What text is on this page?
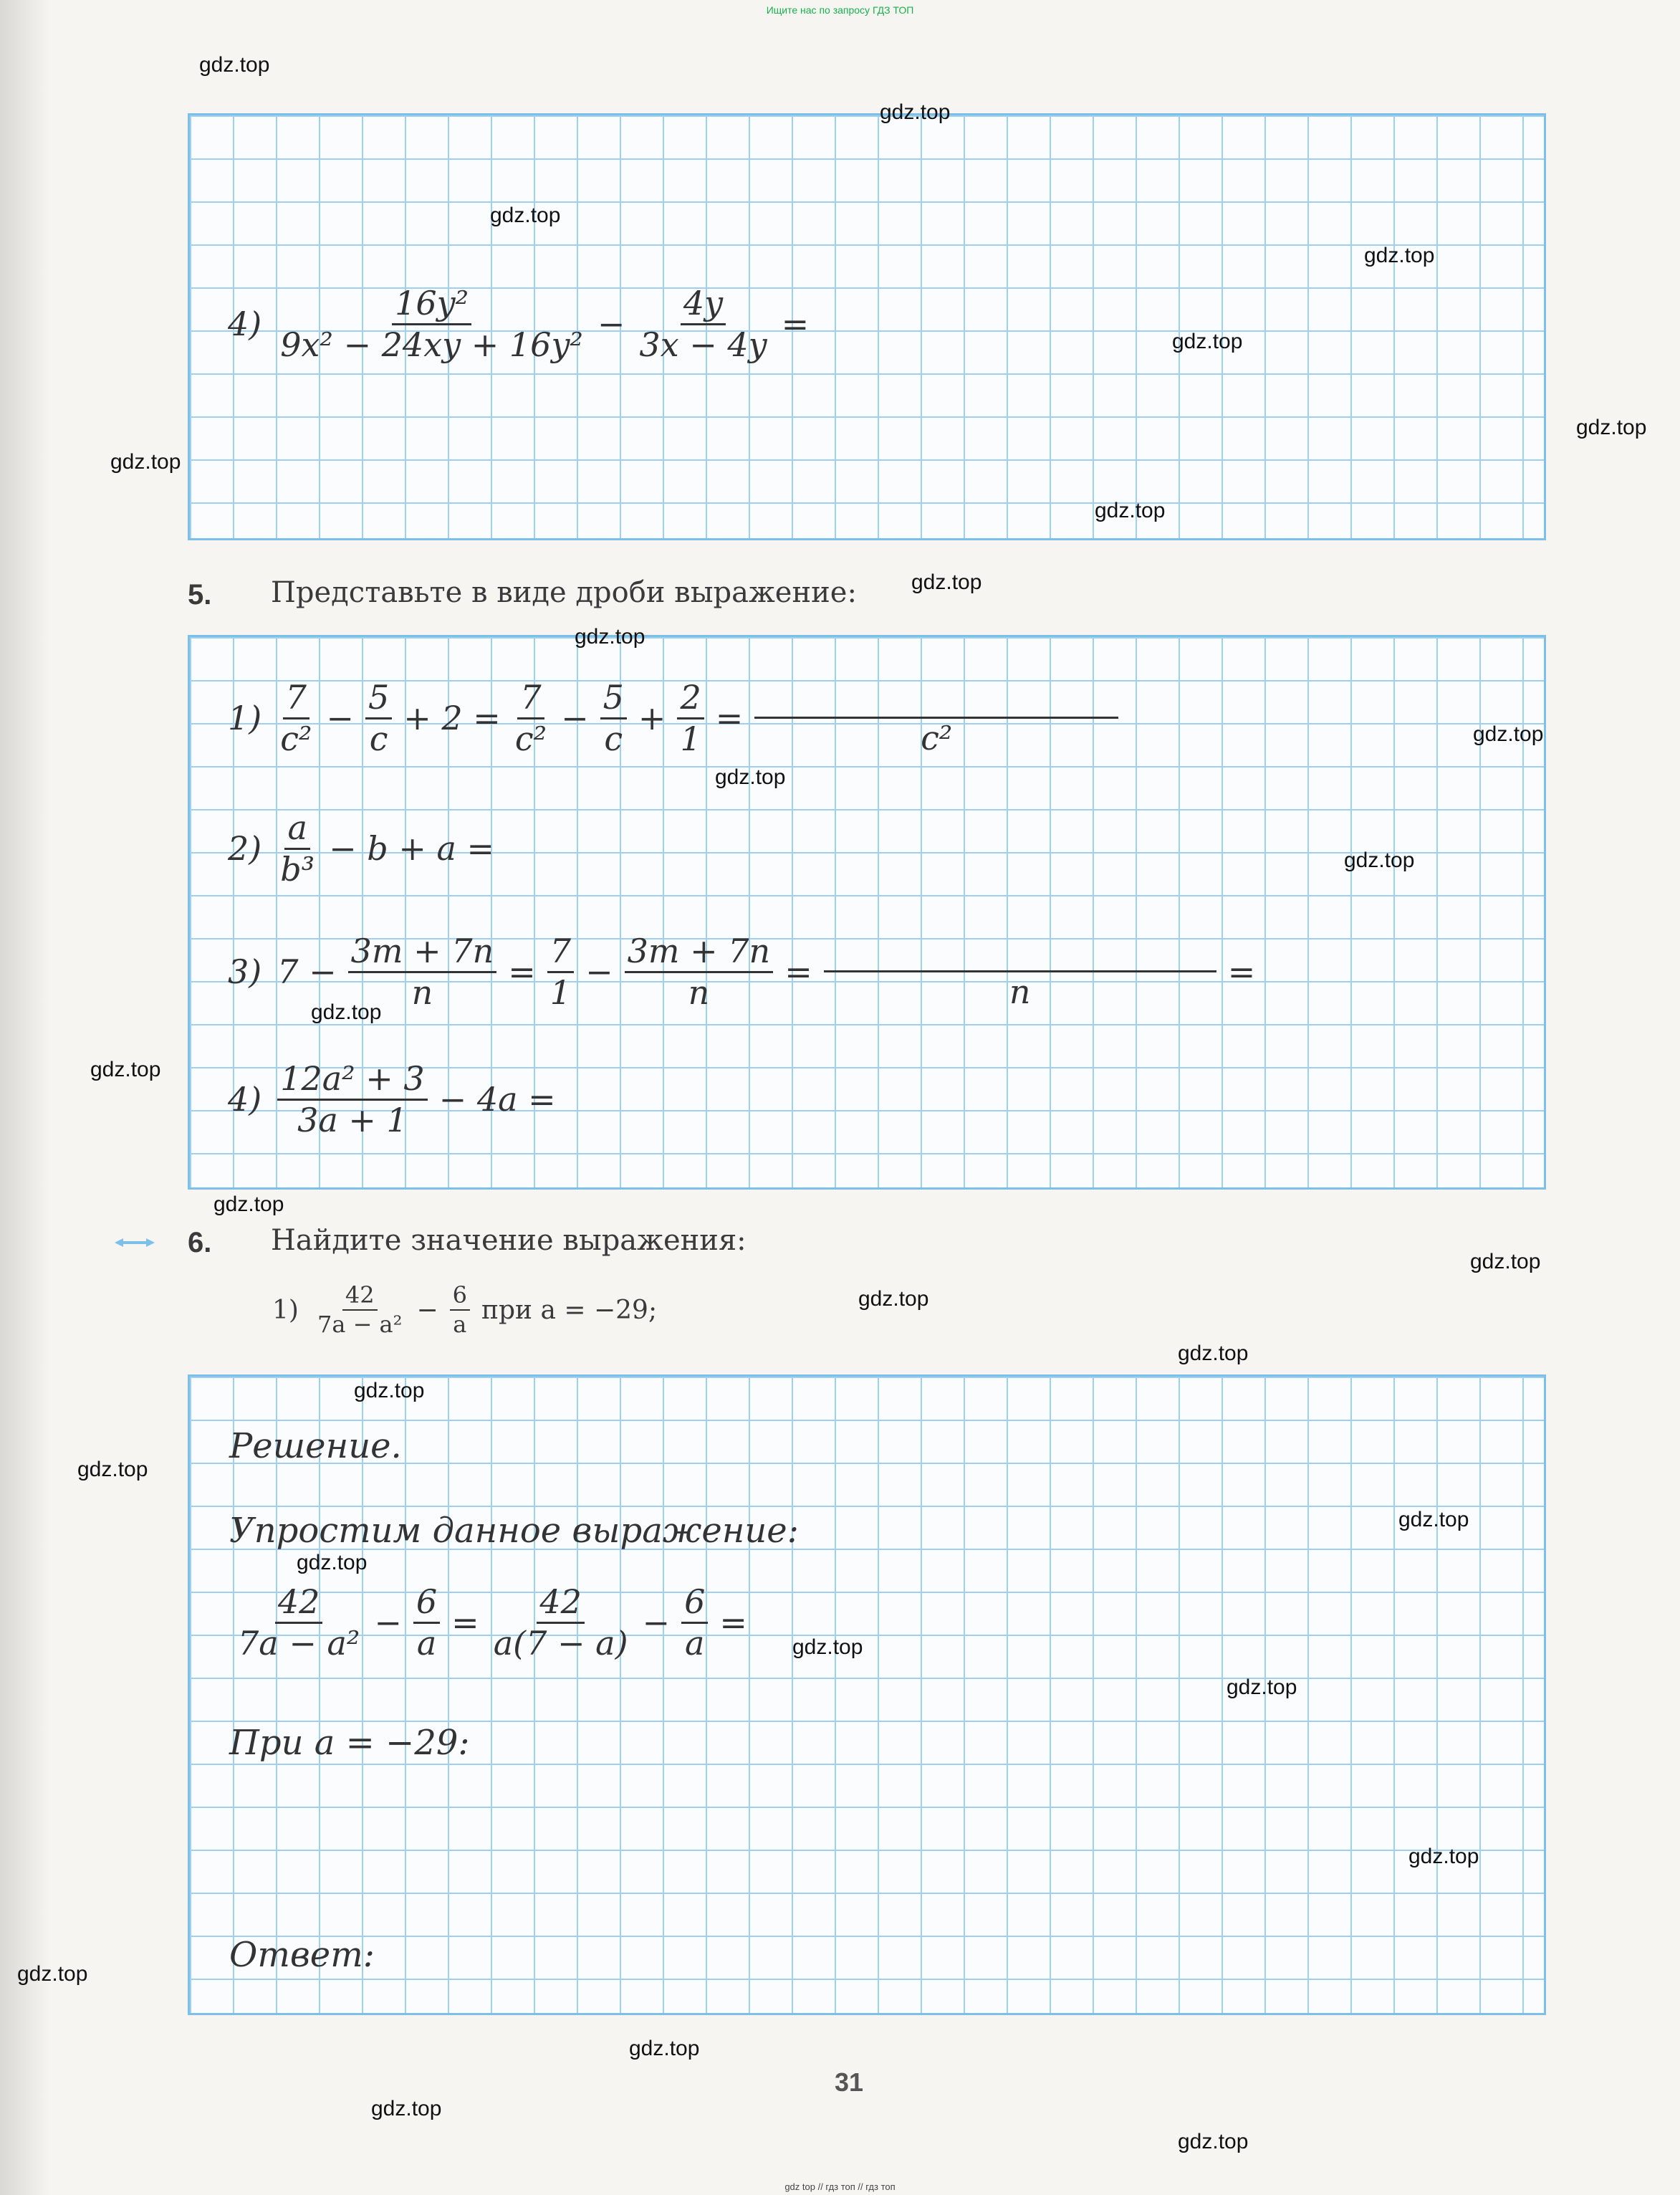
Ищите нас по запросу ГДЗ ТОП
$4) \frac{\text{16y²}}{\text{9x² − 24xy + 16y²}} - \frac{4y}{3x - 4y}$ =
5. Представьте в виде дроби выражение:
$1) \frac{7}{\text{c²}} - \frac{5}{c} + 2 = \frac{7}{\text{c²}} - \frac{5}{c} + \frac{2}{1}$ =
c²
$2) \frac{a}{\text{b³}} - b + a$ =
3) $7 - \frac{3m + 7n}{n} = \frac{7}{1} - \frac{3m + 7n}{n}$ =
n
=
$4) \frac{\text{12a² + 3}}{3a + 1} - 4a$ =
6. Найдите значение выражения:
$1) \frac{42}{\text{7a − a²}} - \frac{6}{a}$ при a = −29;
Решение.
Упростим данное выражение:
$\frac{42}{\text{7a − a²}} - \frac{6}{a} = \frac{42}{a(7 - a)} - \frac{6}{a}$ =
При a = −29:
Ответ:
31
gdz top // гдз топ // гдз топ
gdz.top
gdz.top
gdz.top
gdz.top
gdz.top
gdz.top
gdz.top
gdz.top
gdz.top
gdz.top
gdz.top
gdz.top
gdz.top
gdz.top
gdz.top
gdz.top
gdz.top
gdz.top
gdz.top
gdz.top
gdz.top
gdz.top
gdz.top
gdz.top
gdz.top
gdz.top
gdz.top
gdz.top
gdz.top
gdz.top
